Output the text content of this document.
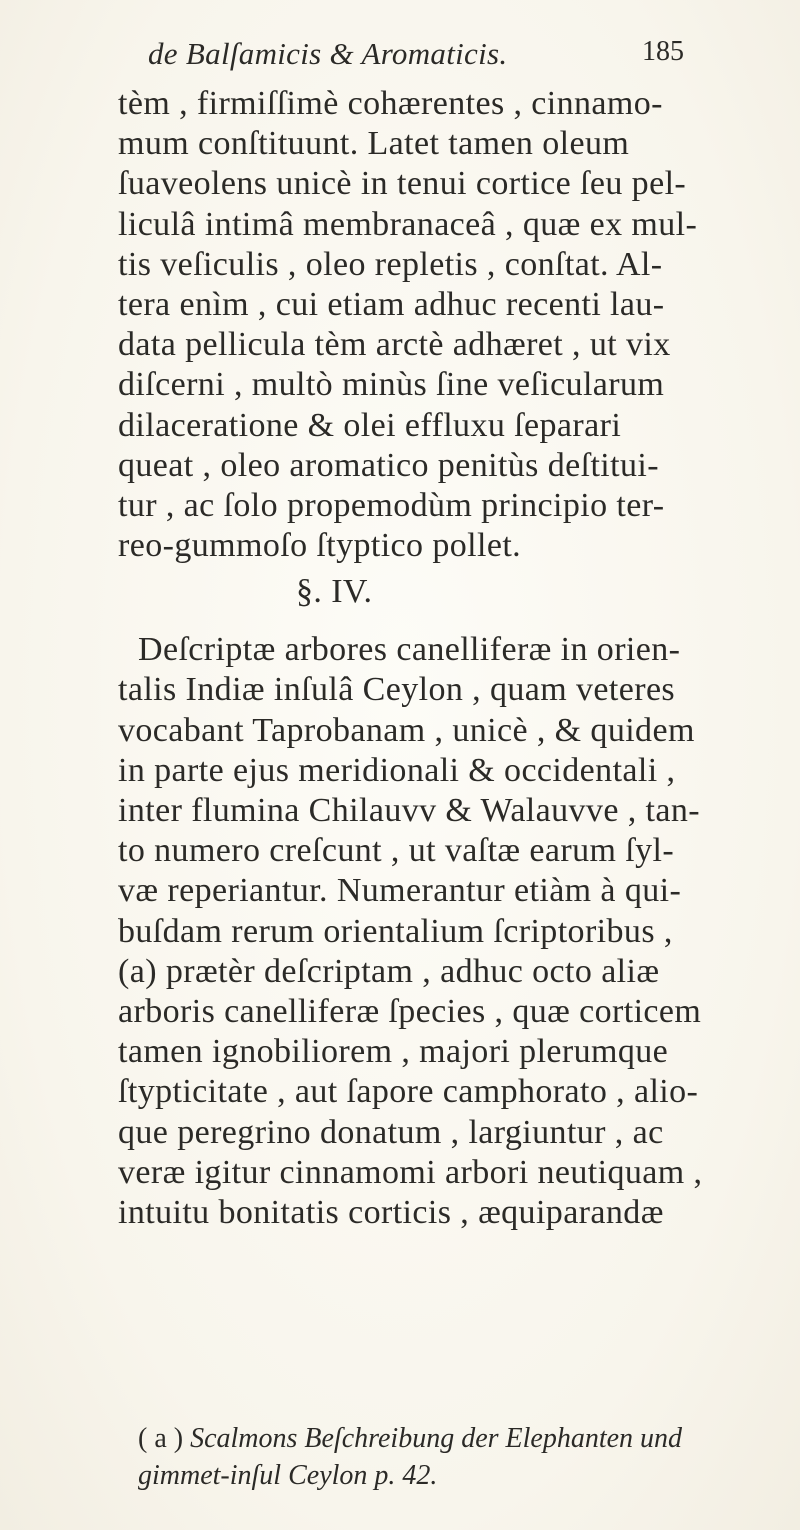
de Balſamicis & Aromaticis.	185
tèm , firmiſſimè cohærentes , cinnamo-
mum conſtituunt. Latet tamen oleum
ſuaveolens unicè in tenui cortice ſeu pel-
liculâ intimâ membranaceâ , quæ ex mul-
tis veſiculis , oleo repletis , conſtat. Al-
tera enìm , cui etiam adhuc recenti lau-
data pellicula tèm arctè adhæret , ut vix
diſcerni , multò minùs ſine veſicularum
dilaceratione & olei effluxu ſeparari
queat , oleo aromatico penitùs deſtitui-
tur , ac ſolo propemodùm principio ter-
reo-gummoſo ſtyptico pollet.
§. IV.
Deſcriptæ arbores canelliferæ in orien-
talis Indiæ inſulâ Ceylon , quam veteres
vocabant Taprobanam , unicè , & quidem
in parte ejus meridionali & occidentali ,
inter flumina Chilauvv & Walauvve , tan-
to numero creſcunt , ut vaſtæ earum ſyl-
væ reperiantur. Numerantur etiàm à qui-
buſdam rerum orientalium ſcriptoribus ,
(a) prætèr deſcriptam , adhuc octo aliæ
arboris canelliferæ ſpecies , quæ corticem
tamen ignobiliorem , majori plerumque
ſtypticitate , aut ſapore camphorato , alio-
que peregrino donatum , largiuntur , ac
veræ igitur cinnamomi arbori neutiquam ,
intuitu bonitatis corticis , æquiparandæ
( a ) Scalmons Beſchreibung der Elephanten und
gimmet-inſul Ceylon p. 42.
